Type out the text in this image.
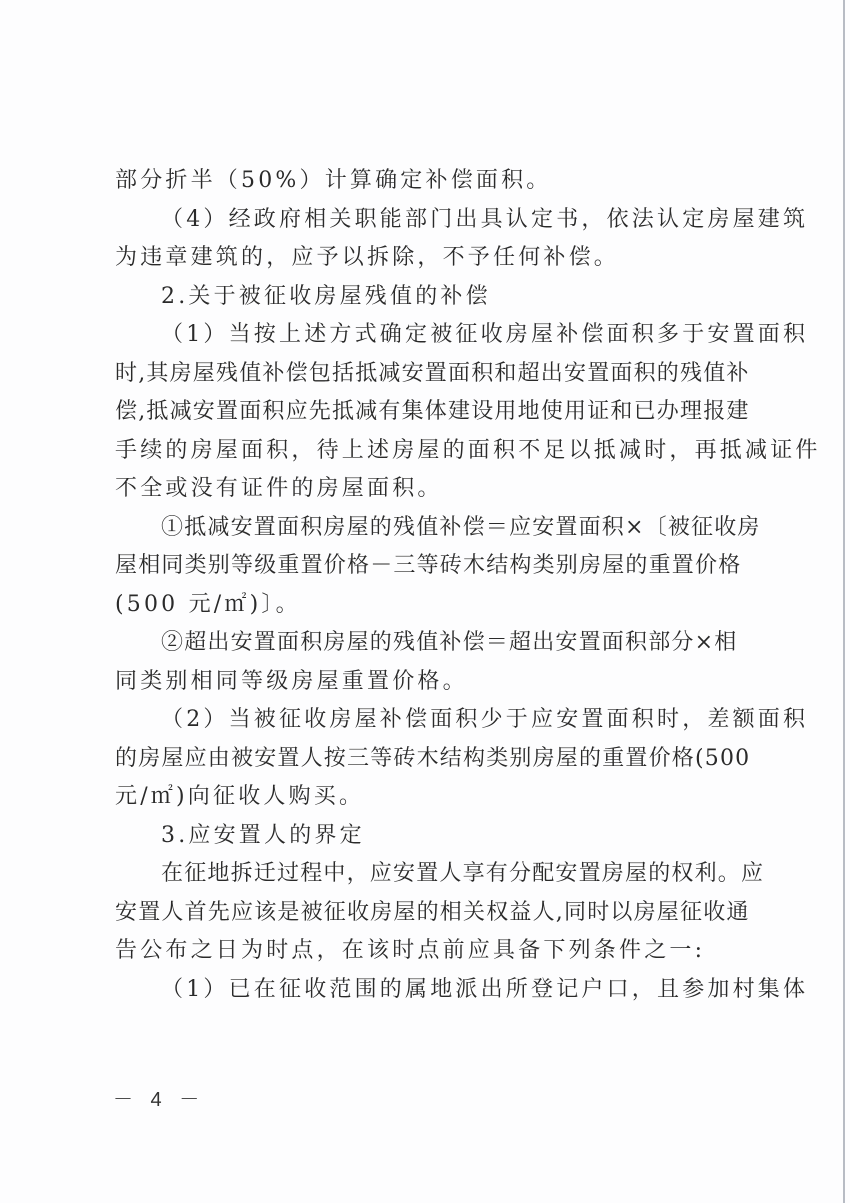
部分折半（50%）计算确定补偿面积。
（4）经政府相关职能部门出具认定书，依法认定房屋建筑
为违章建筑的，应予以拆除，不予任何补偿。
2.关于被征收房屋残值的补偿
（1）当按上述方式确定被征收房屋补偿面积多于安置面积
时,其房屋残值补偿包括抵减安置面积和超出安置面积的残值补
偿,抵减安置面积应先抵减有集体建设用地使用证和已办理报建
手续的房屋面积，待上述房屋的面积不足以抵减时，再抵减证件
不全或没有证件的房屋面积。
①抵减安置面积房屋的残值补偿＝应安置面积×〔被征收房
屋相同类别等级重置价格－三等砖木结构类别房屋的重置价格
(500 元/㎡)〕。
②超出安置面积房屋的残值补偿＝超出安置面积部分×相
同类别相同等级房屋重置价格。
（2）当被征收房屋补偿面积少于应安置面积时，差额面积
的房屋应由被安置人按三等砖木结构类别房屋的重置价格(500
元/㎡)向征收人购买。
3.应安置人的界定
在征地拆迁过程中，应安置人享有分配安置房屋的权利。应
安置人首先应该是被征收房屋的相关权益人,同时以房屋征收通
告公布之日为时点，在该时点前应具备下列条件之一:
（1）已在征收范围的属地派出所登记户口，且参加村集体
－ 4 －
